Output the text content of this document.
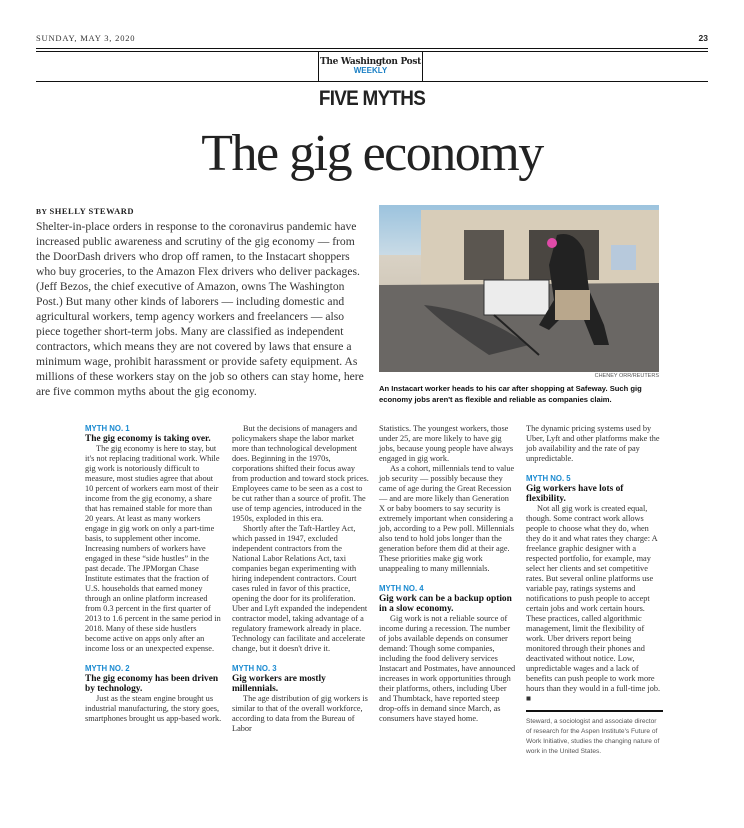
SUNDAY, MAY 3, 2020	23
The Washington Post
WEEKLY
FIVE MYTHS
The gig economy
BY SHELLY STEWARD
Shelter-in-place orders in response to the coronavirus pandemic have increased public awareness and scrutiny of the gig economy — from the DoorDash drivers who drop off ramen, to the Instacart shoppers who buy groceries, to the Amazon Flex drivers who deliver packages. (Jeff Bezos, the chief executive of Amazon, owns The Washington Post.) But many other kinds of laborers — including domestic and agricultural workers, temp agency workers and freelancers — also piece together short-term jobs. Many are classified as independent contractors, which means they are not covered by laws that ensure a minimum wage, prohibit harassment or provide safety equipment. As millions of these workers stay on the job so others can stay home, here are five common myths about the gig economy.
CHENEY ORR/REUTERS
An Instacart worker heads to his car after shopping at Safeway. Such gig economy jobs aren't as flexible and reliable as companies claim.
MYTH NO. 1
The gig economy is taking over.

The gig economy is here to stay, but it's not replacing traditional work. While gig work is notoriously difficult to measure, most studies agree that about 10 percent of workers earn most of their income from the gig economy, a share that has remained stable for more than 20 years. At least as many workers engage in gig work on only a part-time basis, to supplement other income. Increasing numbers of workers have engaged in these “side hustles” in the past decade. The JPMorgan Chase Institute estimates that the fraction of U.S. households that earned money through an online platform increased from 0.3 percent in the first quarter of 2013 to 1.6 percent in the same period in 2018. Many of these side hustlers become active on apps only after an income loss or an unexpected expense.

MYTH NO. 2
The gig economy has been driven by technology.

Just as the steam engine brought us industrial manufacturing, the story goes, smartphones brought us app-based work.

But the decisions of managers and policymakers shape the labor market more than technological development does. Beginning in the 1970s, corporations shifted their focus away from production and toward stock prices. Employees came to be seen as a cost to be cut rather than a source of profit. The use of temp agencies, introduced in the 1950s, exploded in this era.

Shortly after the Taft-Hartley Act, which passed in 1947, excluded independent contractors from the National Labor Relations Act, taxi companies began experimenting with hiring independent contractors. Court cases ruled in favor of this practice, opening the door for its proliferation. Uber and Lyft expanded the independent contractor model, taking advantage of a regulatory framework already in place. Technology can facilitate and accelerate change, but it doesn't drive it.

MYTH NO. 3
Gig workers are mostly millennials.

The age distribution of gig workers is similar to that of the overall workforce, according to data from the Bureau of Labor

Statistics. The youngest workers, those under 25, are more likely to have gig jobs, because young people have always engaged in gig work.

As a cohort, millennials tend to value job security — possibly because they came of age during the Great Recession — and are more likely than Generation X or baby boomers to say security is extremely important when considering a job, according to a Pew poll. Millennials also tend to hold jobs longer than the generation before them did at their age. These priorities make gig work unappealing to many millennials.

MYTH NO. 4
Gig work can be a backup option in a slow economy.

Gig work is not a reliable source of income during a recession. The number of jobs available depends on consumer demand: Though some companies, including the food delivery services Instacart and Postmates, have announced increases in work opportunities through their platforms, others, including Uber and Thumbtack, have reported steep drop-offs in demand since March, as consumers have stayed home.

The dynamic pricing systems used by Uber, Lyft and other platforms make the job availability and the rate of pay unpredictable.

MYTH NO. 5
Gig workers have lots of flexibility.

Not all gig work is created equal, though. Some contract work allows people to choose what they do, when they do it and what rates they charge: A freelance graphic designer with a respected portfolio, for example, may select her clients and set competitive rates. But several online platforms use variable pay, ratings systems and notifications to push people to accept certain jobs and work certain hours. These practices, called algorithmic management, limit the flexibility of work. Uber drivers report being monitored through their phones and deactivated without notice. Low, unpredictable wages and a lack of benefits can push people to work more hours than they would in a full-time job. ■

Steward, a sociologist and associate director of research for the Aspen Institute's Future of Work Initiative, studies the changing nature of work in the United States.
